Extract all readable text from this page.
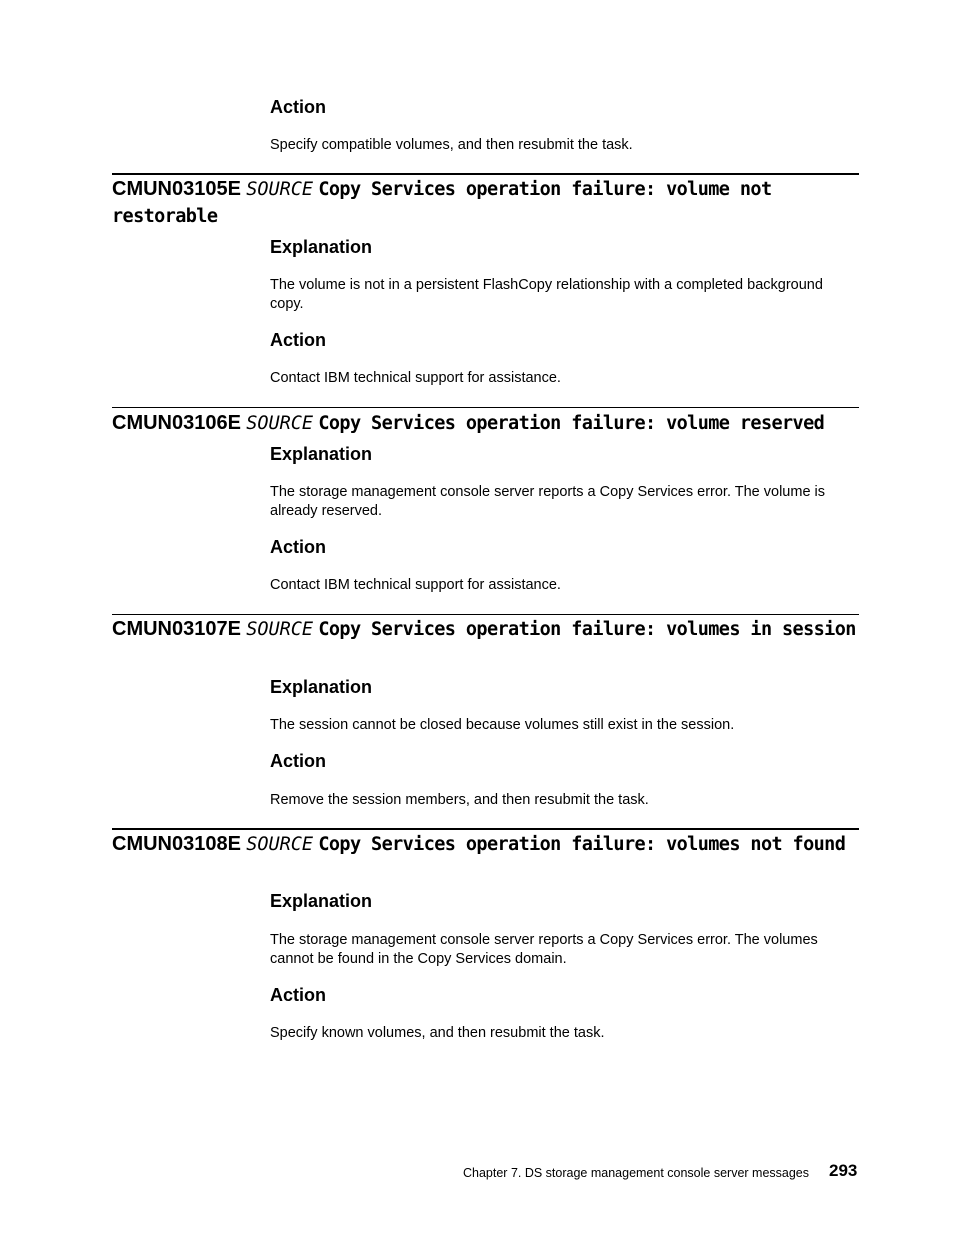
Action

Specify compatible volumes, and then resubmit the task.

CMUN03105E SOURCE Copy Services operation failure: volume not restorable
Explanation

The volume is not in a persistent FlashCopy relationship with a completed background copy.

Action

Contact IBM technical support for assistance.

CMUN03106E SOURCE Copy Services operation failure: volume reserved
Explanation

The storage management console server reports a Copy Services error. The volume is already reserved.

Action

Contact IBM technical support for assistance.

CMUN03107E SOURCE Copy Services operation failure: volumes in session
Explanation

The session cannot be closed because volumes still exist in the session.

Action

Remove the session members, and then resubmit the task.

CMUN03108E SOURCE Copy Services operation failure: volumes not found
Explanation

The storage management console server reports a Copy Services error. The volumes cannot be found in the Copy Services domain.

Action

Specify known volumes, and then resubmit the task.

Chapter 7. DS storage management console server messages 293
